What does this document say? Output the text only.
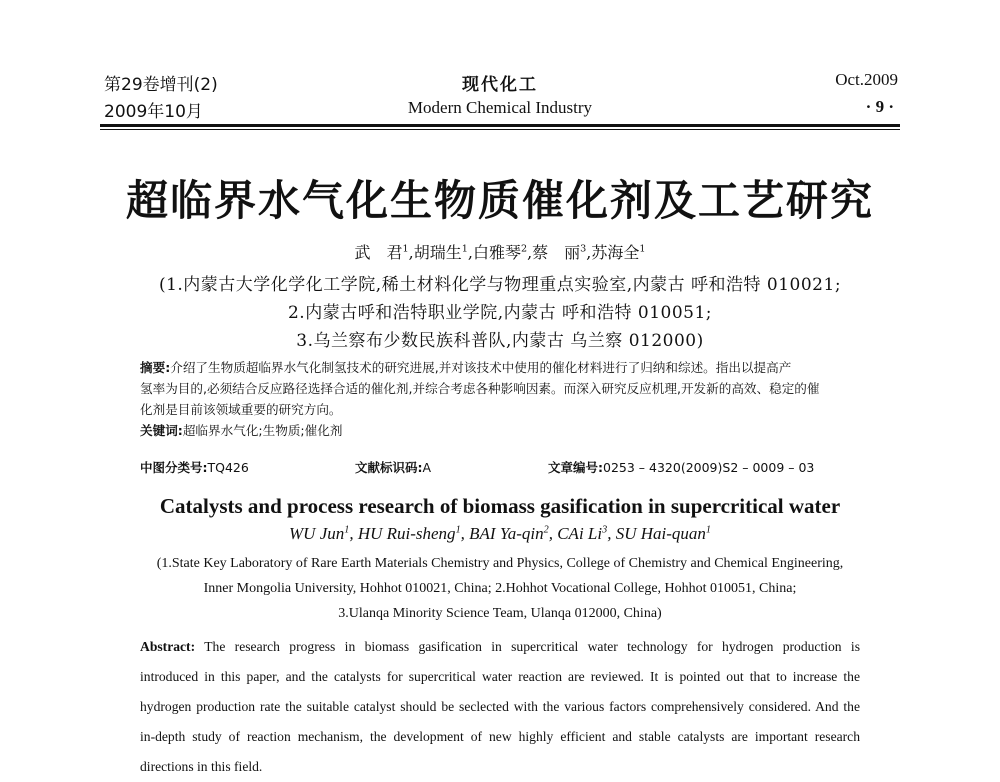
第29卷增刊(2)
2009年10月
现代化工
Modern Chemical Industry
Oct.2009
· 9 ·
超临界水气化生物质催化剂及工艺研究
武　君$^1$,胡瑞生$^1$,白雅琴$^2$,蔡　丽$^3$,苏海全$^1$
(1.内蒙古大学化学化工学院,稀土材料化学与物理重点实验室,内蒙古 呼和浩特 010021;
2.内蒙古呼和浩特职业学院,内蒙古 呼和浩特 010051;
3.乌兰察布少数民族科普队,内蒙古 乌兰察 012000)
摘要:介绍了生物质超临界水气化制氢技术的研究进展,并对该技术中使用的催化材料进行了归纳和综述。指出以提高产
氢率为目的,必须结合反应路径选择合适的催化剂,并综合考虑各种影响因素。而深入研究反应机理,开发新的高效、稳定的催
化剂是目前该领域重要的研究方向。
关键词:超临界水气化;生物质;催化剂
中图分类号:TQ426	文献标识码:A	文章编号:0253 – 4320(2009)S2 – 0009 – 03
Catalysts and process research of biomass gasification in supercritical water
WU Jun$^1$, HU Rui-sheng$^1$, BAI Ya-qin$^2$, CAi Li$^3$, SU Hai-quan$^1$
(1.State Key Laboratory of Rare Earth Materials Chemistry and Physics, College of Chemistry and Chemical Engineering,
Inner Mongolia University, Hohhot 010021, China; 2.Hohhot Vocational College, Hohhot 010051, China;
3.Ulanqa Minority Science Team, Ulanqa 012000, China)
Abstract: The research progress in biomass gasification in supercritical water technology for hydrogen production is
introduced in this paper, and the catalysts for supercritical water reaction are reviewed. It is pointed out that to increase the
hydrogen production rate the suitable catalyst should be seclected with the various factors comprehensively considered. And the
in-depth study of reaction mechanism, the development of new highly efficient and stable catalysts are important research
directions in this field.
